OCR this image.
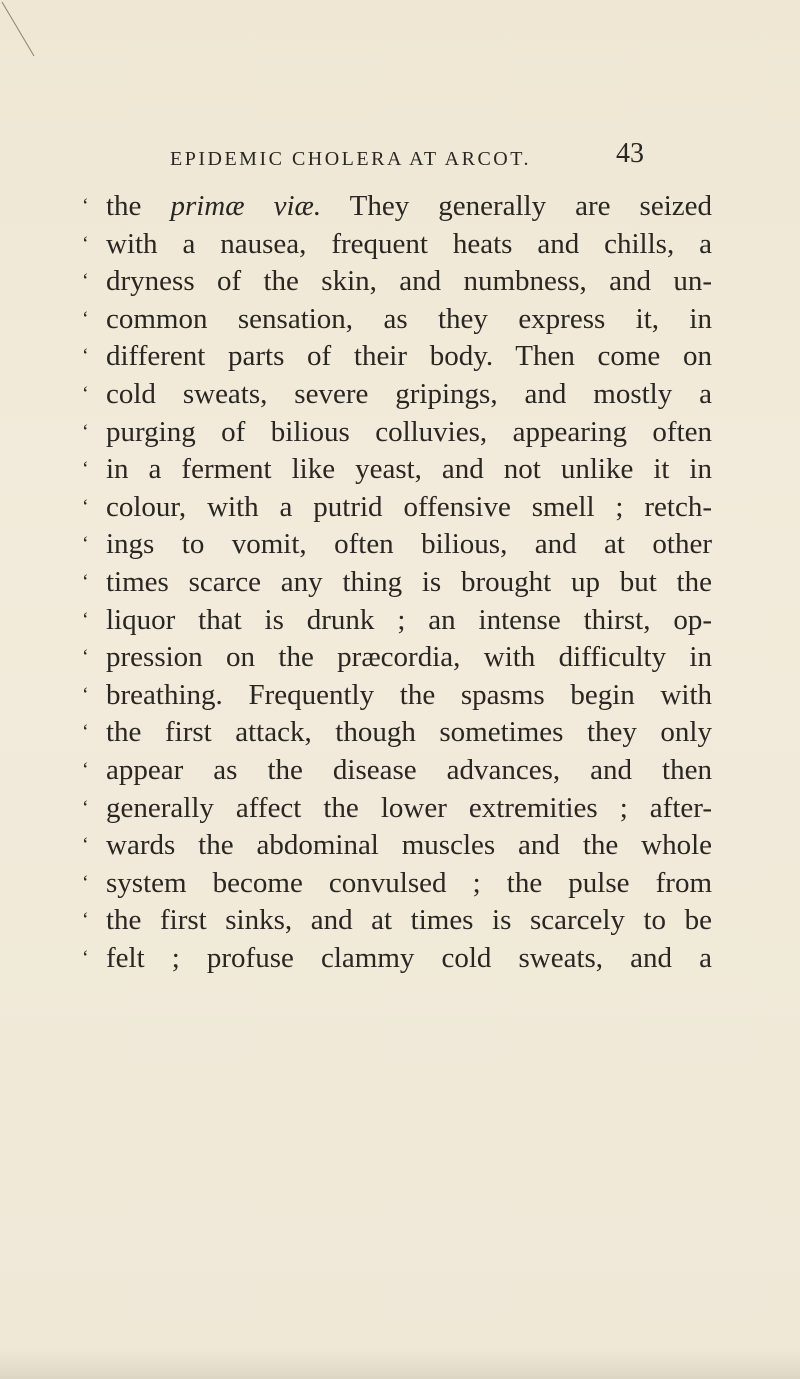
EPIDEMIC CHOLERA AT ARCOT.	43
‘ the primæ viæ. They generally are seized
‘ with a nausea, frequent heats and chills, a
‘ dryness of the skin, and numbness, and un-
‘ common sensation, as they express it, in
‘ different parts of their body. Then come on
‘ cold sweats, severe gripings, and mostly a
‘ purging of bilious colluvies, appearing often
‘ in a ferment like yeast, and not unlike it in
‘ colour, with a putrid offensive smell ; retch-
‘ ings to vomit, often bilious, and at other
‘ times scarce any thing is brought up but the
‘ liquor that is drunk ; an intense thirst, op-
‘ pression on the præcordia, with difficulty in
‘ breathing. Frequently the spasms begin with
‘ the first attack, though sometimes they only
‘ appear as the disease advances, and then
‘ generally affect the lower extremities ; after-
‘ wards the abdominal muscles and the whole
‘ system become convulsed ; the pulse from
‘ the first sinks, and at times is scarcely to be
‘ felt ; profuse clammy cold sweats, and a
